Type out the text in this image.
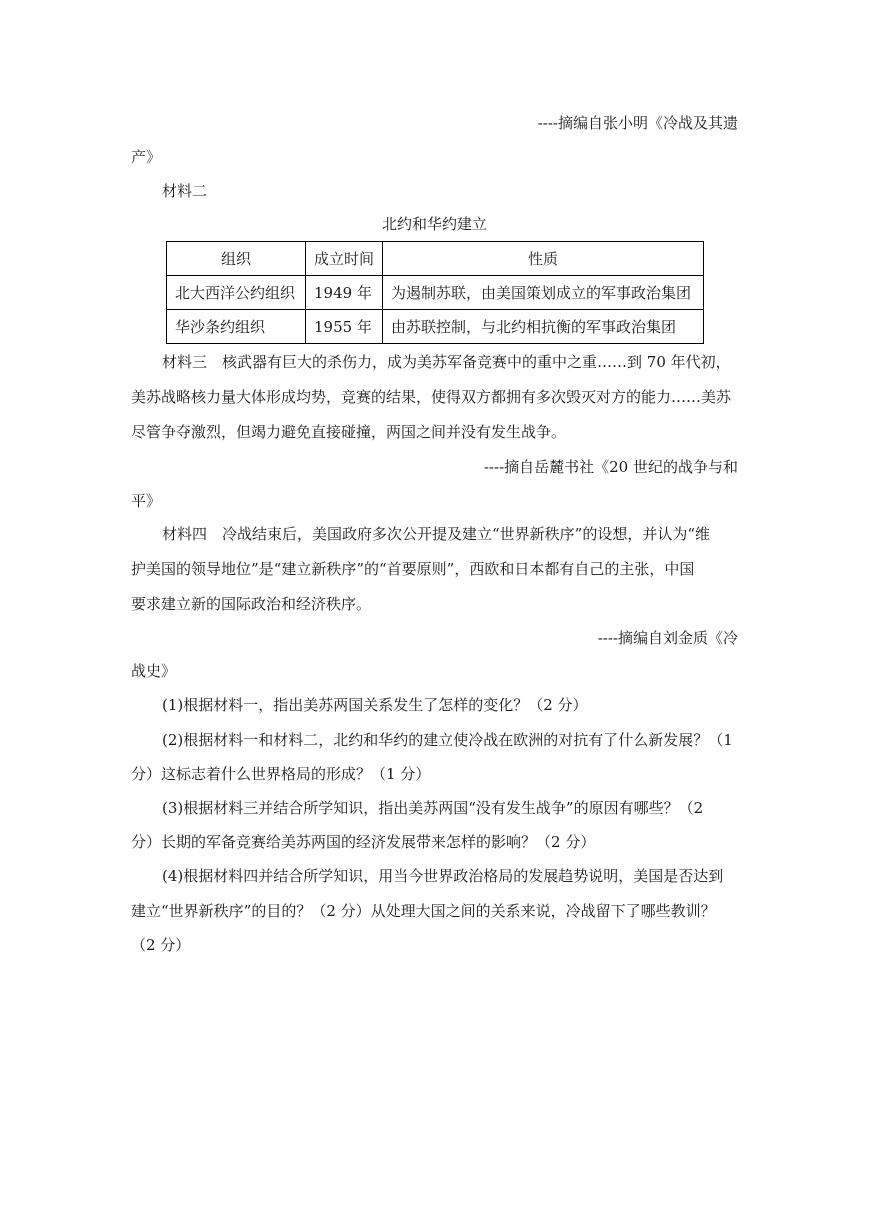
----摘编自张小明《冷战及其遗
产》
材料二
北约和华约建立
组织	成立时间	性质
北大西洋公约组织	1949 年	为遏制苏联，由美国策划成立的军事政治集团
华沙条约组织	1955 年	由苏联控制，与北约相抗衡的军事政治集团
材料三　核武器有巨大的杀伤力，成为美苏军备竞赛中的重中之重……到 70 年代初，
美苏战略核力量大体形成均势，竞赛的结果，使得双方都拥有多次毁灭对方的能力……美苏
尽管争夺激烈，但竭力避免直接碰撞，两国之间并没有发生战争。
----摘自岳麓书社《20 世纪的战争与和
平》
材料四　冷战结束后，美国政府多次公开提及建立“世界新秩序”的设想，并认为“维
护美国的领导地位”是“建立新秩序”的“首要原则”，西欧和日本都有自己的主张，中国
要求建立新的国际政治和经济秩序。
----摘编自刘金质《冷
战史》
(1)根据材料一，指出美苏两国关系发生了怎样的变化？（2 分）
(2)根据材料一和材料二，北约和华约的建立使冷战在欧洲的对抗有了什么新发展？（1
分）这标志着什么世界格局的形成？（1 分）
(3)根据材料三并结合所学知识，指出美苏两国“没有发生战争”的原因有哪些？（2
分）长期的军备竞赛给美苏两国的经济发展带来怎样的影响？（2 分）
(4)根据材料四并结合所学知识，用当今世界政治格局的发展趋势说明，美国是否达到
建立“世界新秩序”的目的？（2 分）从处理大国之间的关系来说，冷战留下了哪些教训？
（2 分）
